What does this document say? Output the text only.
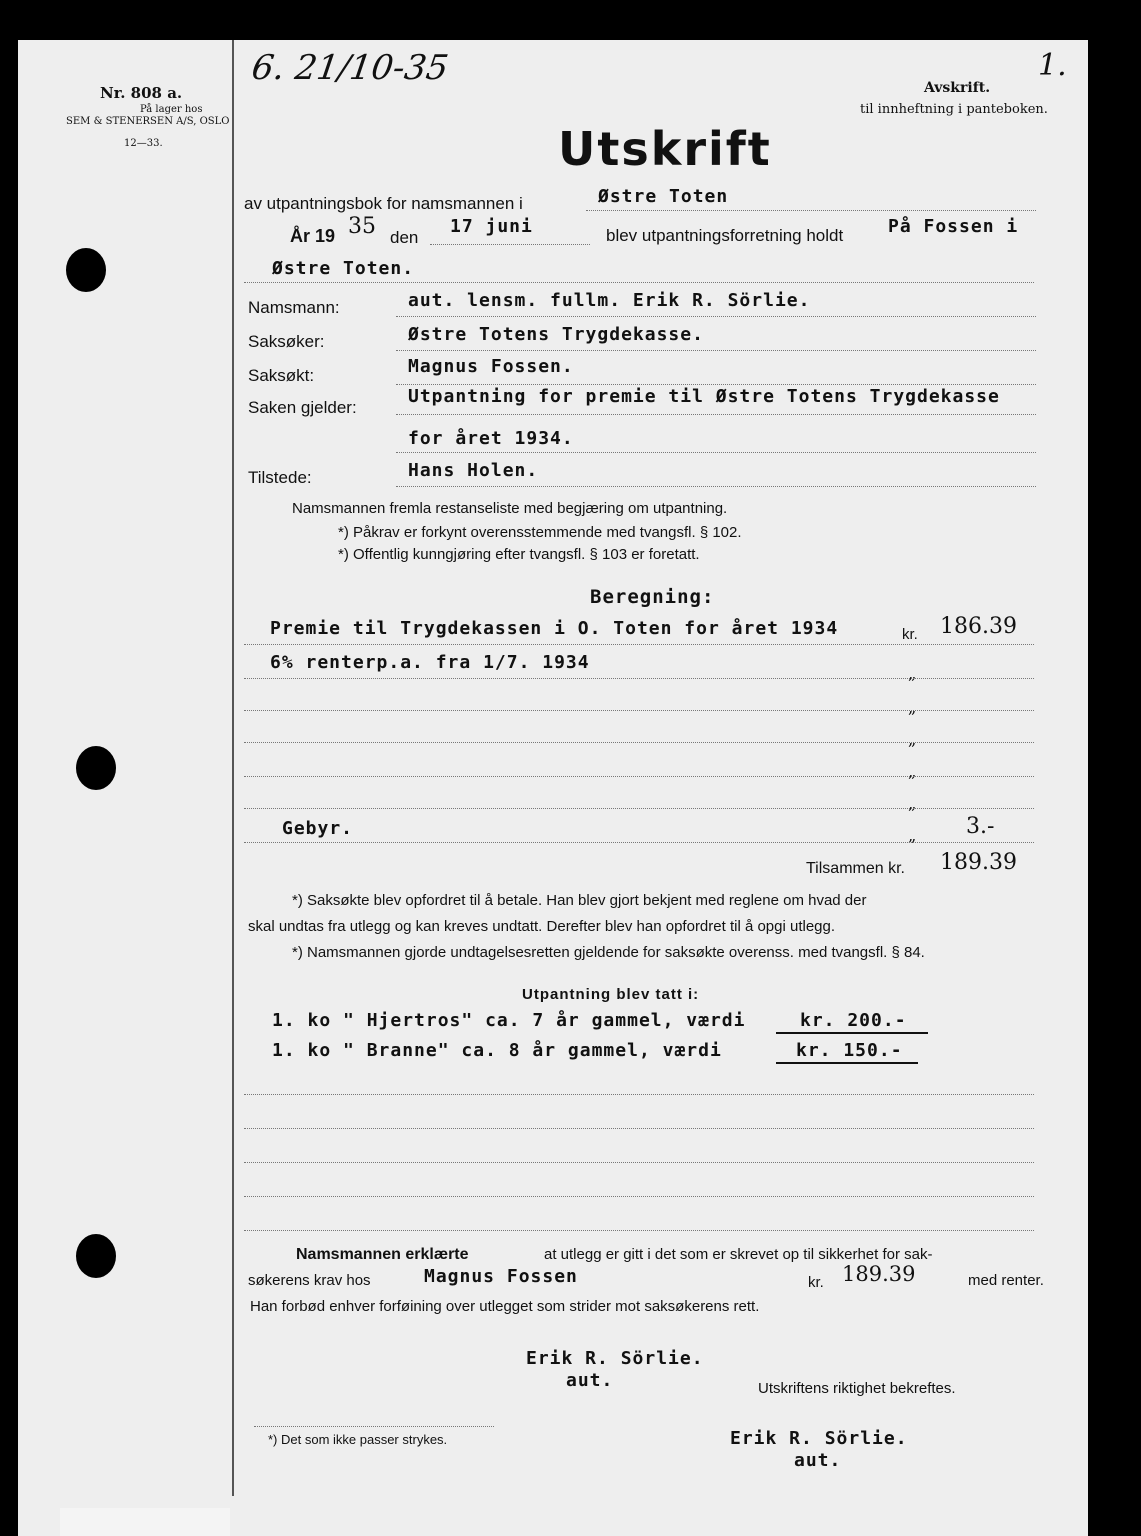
Nr. 808 a.
På lager hos
SEM & STENERSEN A/S, OSLO
12—33.
6. 21/10-35	1.
Avskrift.
til innheftning i panteboken.
Utskrift
av utpantningsbok for namsmannen i	Østre Toten
År 19 35 den
17 juni	blev utpantningsforretning holdt På Fossen i
Østre Toten.
Namsmann:	aut. lensm. fullm. Erik R. Sörlie.
Saksøker:	Østre Totens Trygdekasse.
Saksøkt:	Magnus Fossen.
Saken gjelder:
Utpantning for premie til Østre Totens Trygdekasse
for året 1934.
Tilstede:	Hans Holen.
Namsmannen fremla restanseliste med begjæring om utpantning.
*) Påkrav er forkynt overensstemmende med tvangsfl. § 102.
*) Offentlig kunngjøring efter tvangsfl. § 103 er foretatt.
Beregning:
Premie til Trygdekassen i O. Toten for året 1934	kr. 186.39
6% renterp.a. fra 1/7. 1934
„
„
„
„
„
Gebyr.	„ 3.-
Tilsammen kr. 189.39
*) Saksøkte blev opfordret til å betale. Han blev gjort bekjent med reglene om hvad der
skal undtas fra utlegg og kan kreves undtatt. Derefter blev han opfordret til å opgi utlegg.
*) Namsmannen gjorde undtagelsesretten gjeldende for saksøkte overenss. med tvangsfl. § 84.
Utpantning blev tatt i:
1. ko " Hjertros" ca. 7 år gammel, værdi	kr. 200.-
1. ko " Branne" ca. 8 år gammel, værdi	kr. 150.-
Namsmannen erklærte	at utlegg er gitt i det som er skrevet op til sikkerhet for sak-
søkerens krav hos	Magnus Fossen	kr. 189.39	med renter.
Han forbød enhver forføining over utlegget som strider mot saksøkerens rett.
Erik R. Sörlie.
aut.	Utskriftens riktighet bekreftes.
*) Det som ikke passer strykes.	Erik R. Sörlie.
aut.
